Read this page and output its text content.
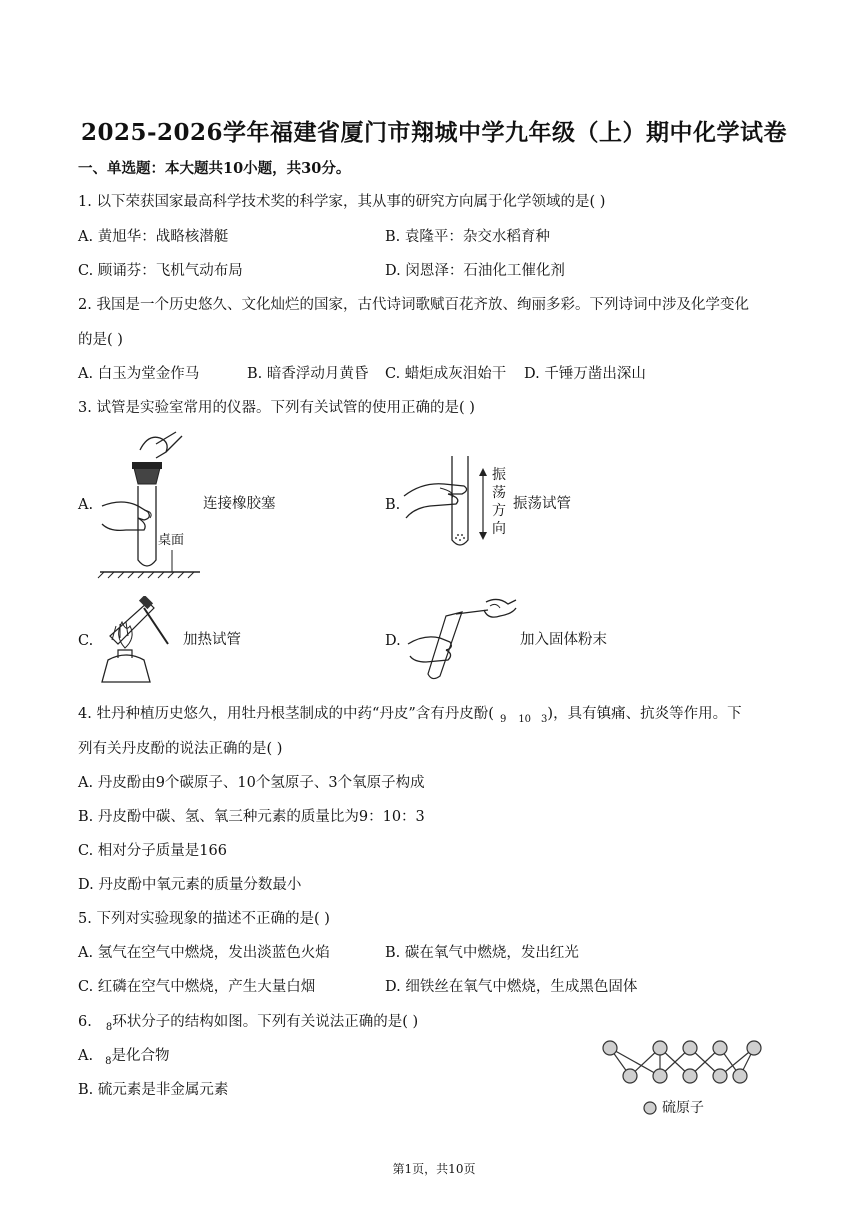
2025-2026学年福建省厦门市翔城中学九年级（上）期中化学试卷
一、单选题：本大题共10小题，共30分。
1. 以下荣获国家最高科学技术奖的科学家，其从事的研究方向属于化学领域的是( )
A. 黄旭华：战略核潜艇	B. 袁隆平：杂交水稻育种
C. 顾诵芬：飞机气动布局	D. 闵恩泽：石油化工催化剂
2. 我国是一个历史悠久、文化灿烂的国家，古代诗词歌赋百花齐放、绚丽多彩。下列诗词中涉及化学变化
的是( )
A. 白玉为堂金作马	B. 暗香浮动月黄昏 C. 蜡炬成灰泪始干 D. 千锤万凿出深山
3. 试管是实验室常用的仪器。下列有关试管的使用正确的是( )
A.
桌面
连接橡胶塞	B.
振
荡
方
向
振荡试管
C.	加热试管	D.	加入固体粉末
4. 牡丹种植历史悠久，用牡丹根茎制成的中药“丹皮”含有丹皮酚( $_9$ $_{10}$ $_3$)，具有镇痛、抗炎等作用。下
列有关丹皮酚的说法正确的是( )
A. 丹皮酚由9个碳原子、10个氢原子、3个氧原子构成
B. 丹皮酚中碳、氢、氧三种元素的质量比为9：10：3
C. 相对分子质量是166
D. 丹皮酚中氧元素的质量分数最小
5. 下列对实验现象的描述不正确的是( )
A. 氢气在空气中燃烧，发出淡蓝色火焰	B. 碳在氧气中燃烧，发出红光
C. 红磷在空气中燃烧，产生大量白烟	D. 细铁丝在氧气中燃烧，生成黑色固体
6. $_8$环状分子的结构如图。下列有关说法正确的是( )
A. $_8$是化合物
B. 硫元素是非金属元素
硫原子
第1页，共10页
